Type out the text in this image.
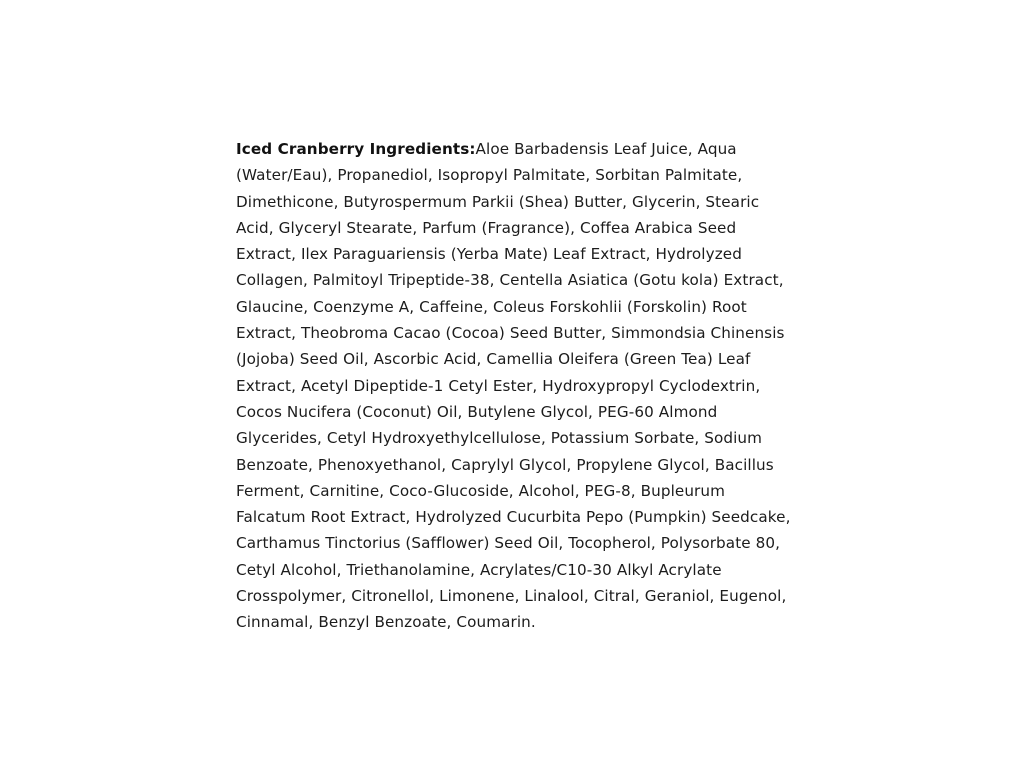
Iced Cranberry Ingredients:Aloe Barbadensis Leaf Juice, Aqua (Water/Eau), Propanediol, Isopropyl Palmitate, Sorbitan Palmitate, Dimethicone, Butyrospermum Parkii (Shea) Butter, Glycerin, Stearic Acid, Glyceryl Stearate, Parfum (Fragrance), Coffea Arabica Seed Extract, Ilex Paraguariensis (Yerba Mate) Leaf Extract, Hydrolyzed Collagen, Palmitoyl Tripeptide-38, Centella Asiatica (Gotu kola) Extract, Glaucine, Coenzyme A, Caffeine, Coleus Forskohlii (Forskolin) Root Extract, Theobroma Cacao (Cocoa) Seed Butter, Simmondsia Chinensis (Jojoba) Seed Oil, Ascorbic Acid, Camellia Oleifera (Green Tea) Leaf Extract, Acetyl Dipeptide-1 Cetyl Ester, Hydroxypropyl Cyclodextrin, Cocos Nucifera (Coconut) Oil, Butylene Glycol, PEG-60 Almond Glycerides, Cetyl Hydroxyethylcellulose, Potassium Sorbate, Sodium Benzoate, Phenoxyethanol, Caprylyl Glycol, Propylene Glycol, Bacillus Ferment, Carnitine, Coco-Glucoside, Alcohol, PEG-8, Bupleurum Falcatum Root Extract, Hydrolyzed Cucurbita Pepo (Pumpkin) Seedcake, Carthamus Tinctorius (Safflower) Seed Oil, Tocopherol, Polysorbate 80, Cetyl Alcohol, Triethanolamine, Acrylates/C10-30 Alkyl Acrylate Crosspolymer, Citronellol, Limonene, Linalool, Citral, Geraniol, Eugenol, Cinnamal, Benzyl Benzoate, Coumarin.
